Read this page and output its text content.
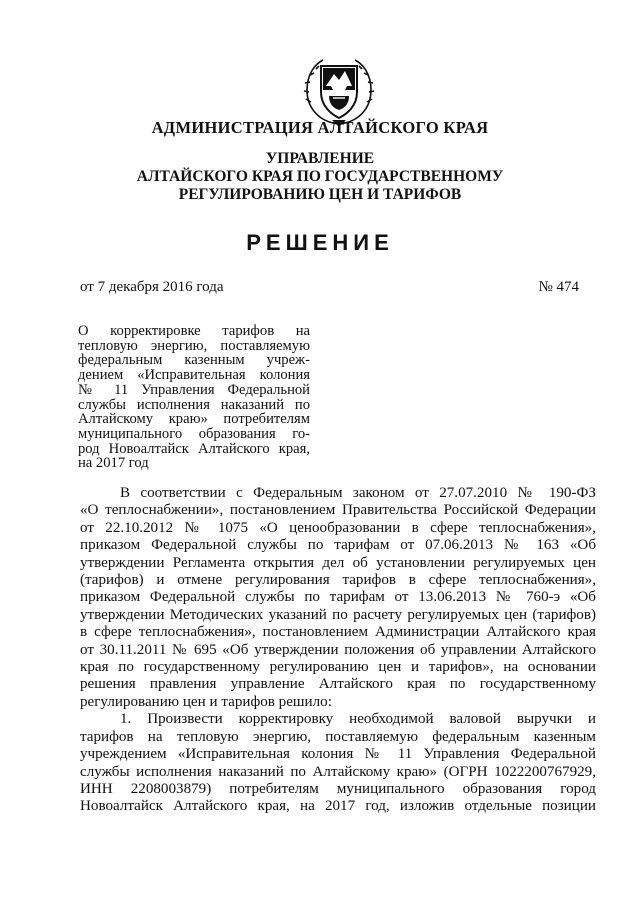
АДМИНИСТРАЦИЯ АЛТАЙСКОГО КРАЯ
УПРАВЛЕНИЕ
АЛТАЙСКОГО КРАЯ ПО ГОСУДАРСТВЕННОМУ
РЕГУЛИРОВАНИЮ ЦЕН И ТАРИФОВ
РЕШЕНИЕ
от 7 декабря 2016 года	№ 474
О корректировке тарифов на
тепловую энергию, поставляемую
федеральным казенным учреж-
дением «Исправительная колония
№ 11 Управления Федеральной
службы исполнения наказаний по
Алтайскому краю» потребителям
муниципального образования го-
род Новоалтайск Алтайского края,
на 2017 год
В соответствии с Федеральным законом от 27.07.2010 № 190-ФЗ
«О теплоснабжении», постановлением Правительства Российской Федерации
от 22.10.2012 № 1075 «О ценообразовании в сфере теплоснабжения»,
приказом Федеральной службы по тарифам от 07.06.2013 № 163 «Об
утверждении Регламента открытия дел об установлении регулируемых цен
(тарифов) и отмене регулирования тарифов в сфере теплоснабжения»,
приказом Федеральной службы по тарифам от 13.06.2013 № 760-э «Об
утверждении Методических указаний по расчету регулируемых цен (тарифов)
в сфере теплоснабжения», постановлением Администрации Алтайского края
от 30.11.2011 № 695 «Об утверждении положения об управлении Алтайского
края по государственному регулированию цен и тарифов», на основании
решения правления управление Алтайского края по государственному
регулированию цен и тарифов решило:
1. Произвести корректировку необходимой валовой выручки и
тарифов на тепловую энергию, поставляемую федеральным казенным
учреждением «Исправительная колония № 11 Управления Федеральной
службы исполнения наказаний по Алтайскому краю» (ОГРН 1022200767929,
ИНН 2208003879) потребителям муниципального образования город
Новоалтайск Алтайского края, на 2017 год, изложив отдельные позиции
